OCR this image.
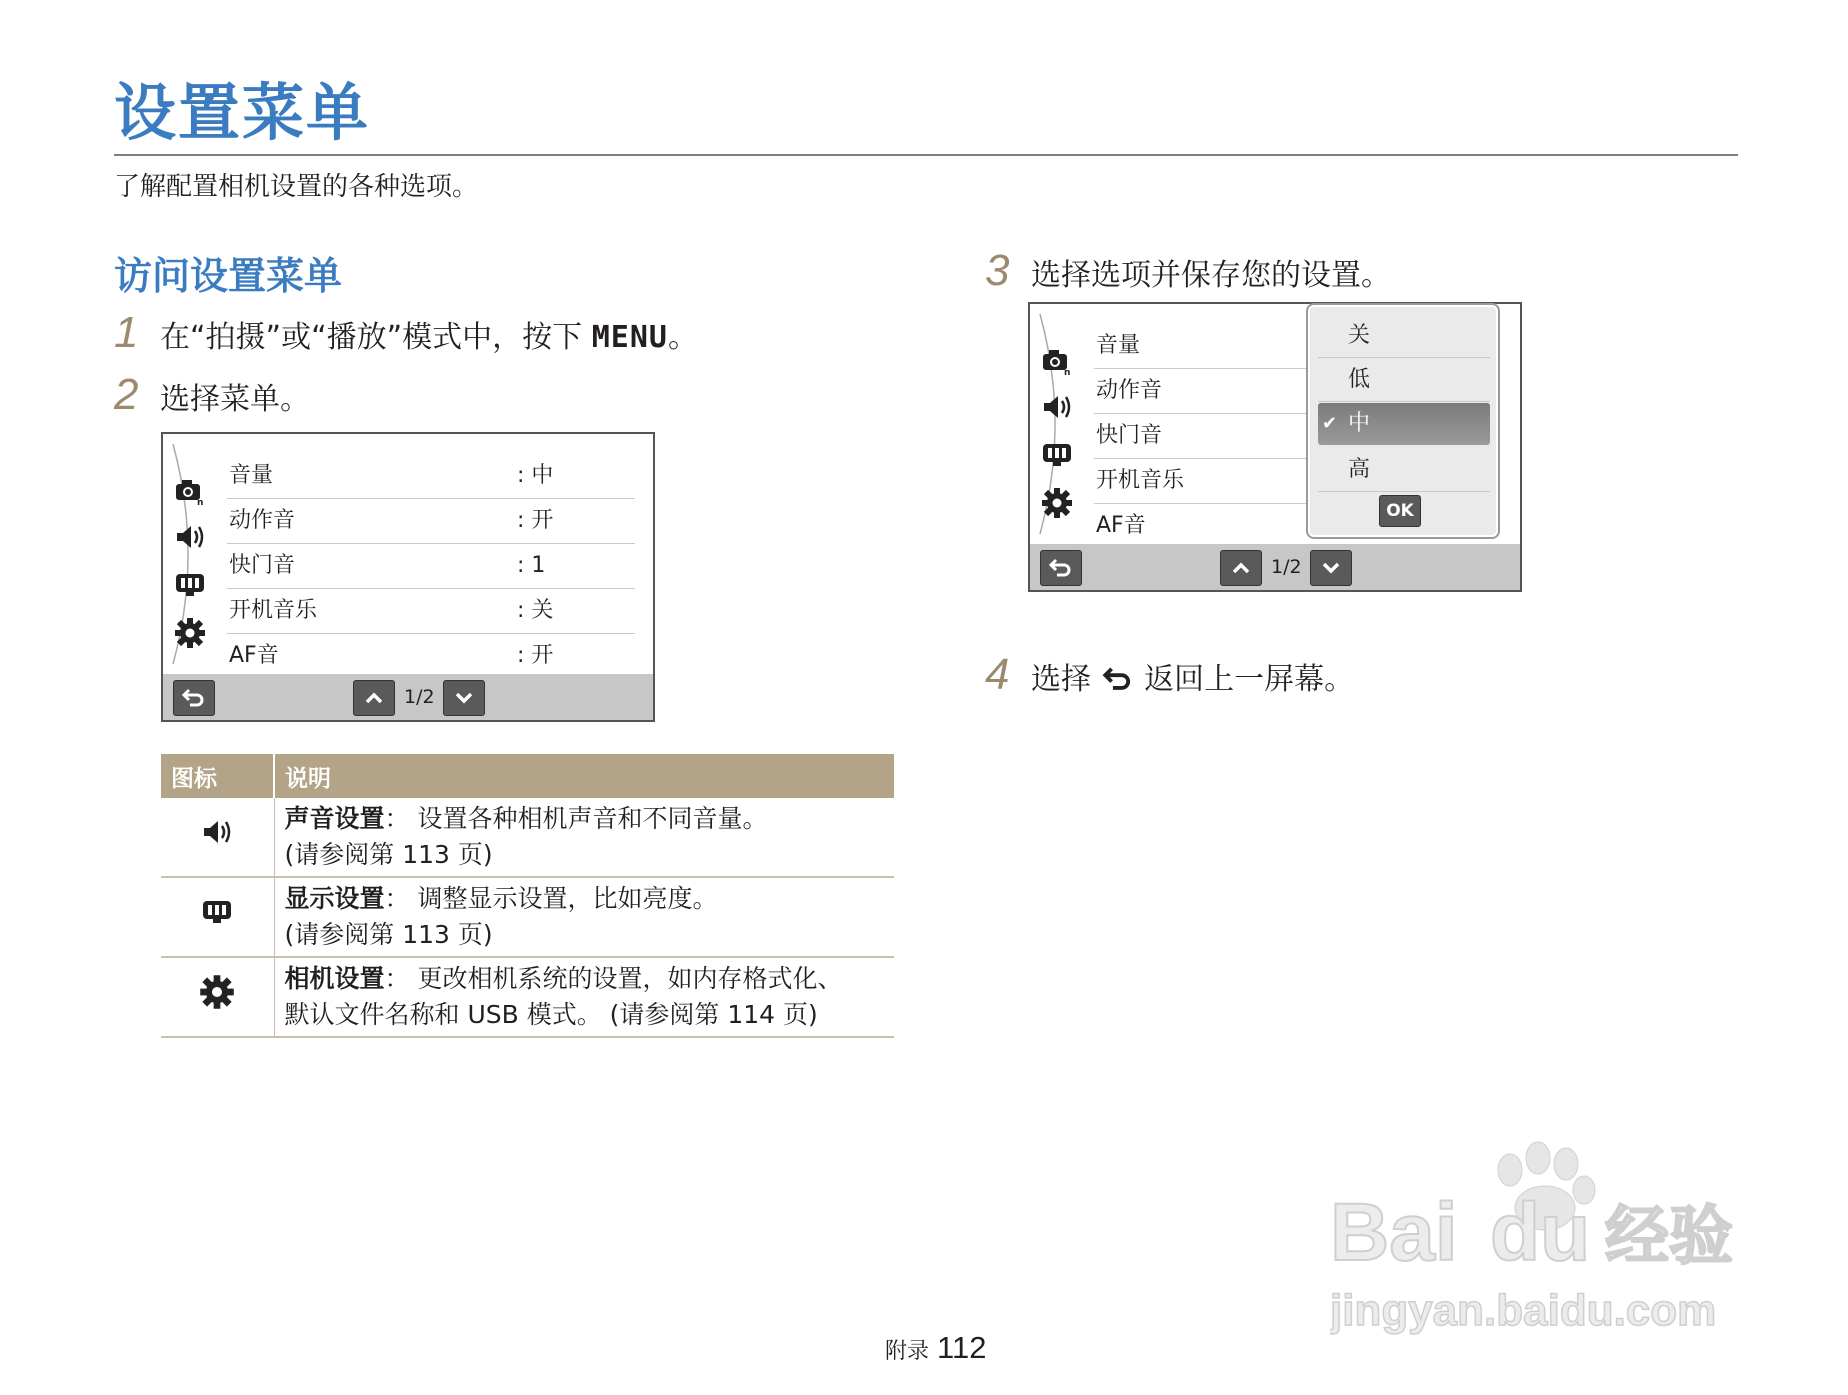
设置菜单
了解配置相机设置的各种选项。
访问设置菜单
1 在“拍摄”或“播放”模式中，按下 MENU。
2 选择菜单。
n
音量	: 中
动作音	: 开
快门音	: 1
开机音乐	: 关
AF音	: 开
1/2
图标	说明

声音设置： 设置各种相机声音和不同音量。
(请参阅第 113 页)

显示设置： 调整显示设置，比如亮度。
(请参阅第 113 页)

相机设置： 更改相机系统的设置，如内存格式化、
默认文件名称和 USB 模式。 (请参阅第 114 页)
3 选择选项并保存您的设置。
n
音量
动作音
快门音
开机音乐
AF音
1/2
关
低
✔ 中
高
OK
4 选择 返回上一屏幕。
附录 112
Bai du 经验
jingyan.baidu.com
